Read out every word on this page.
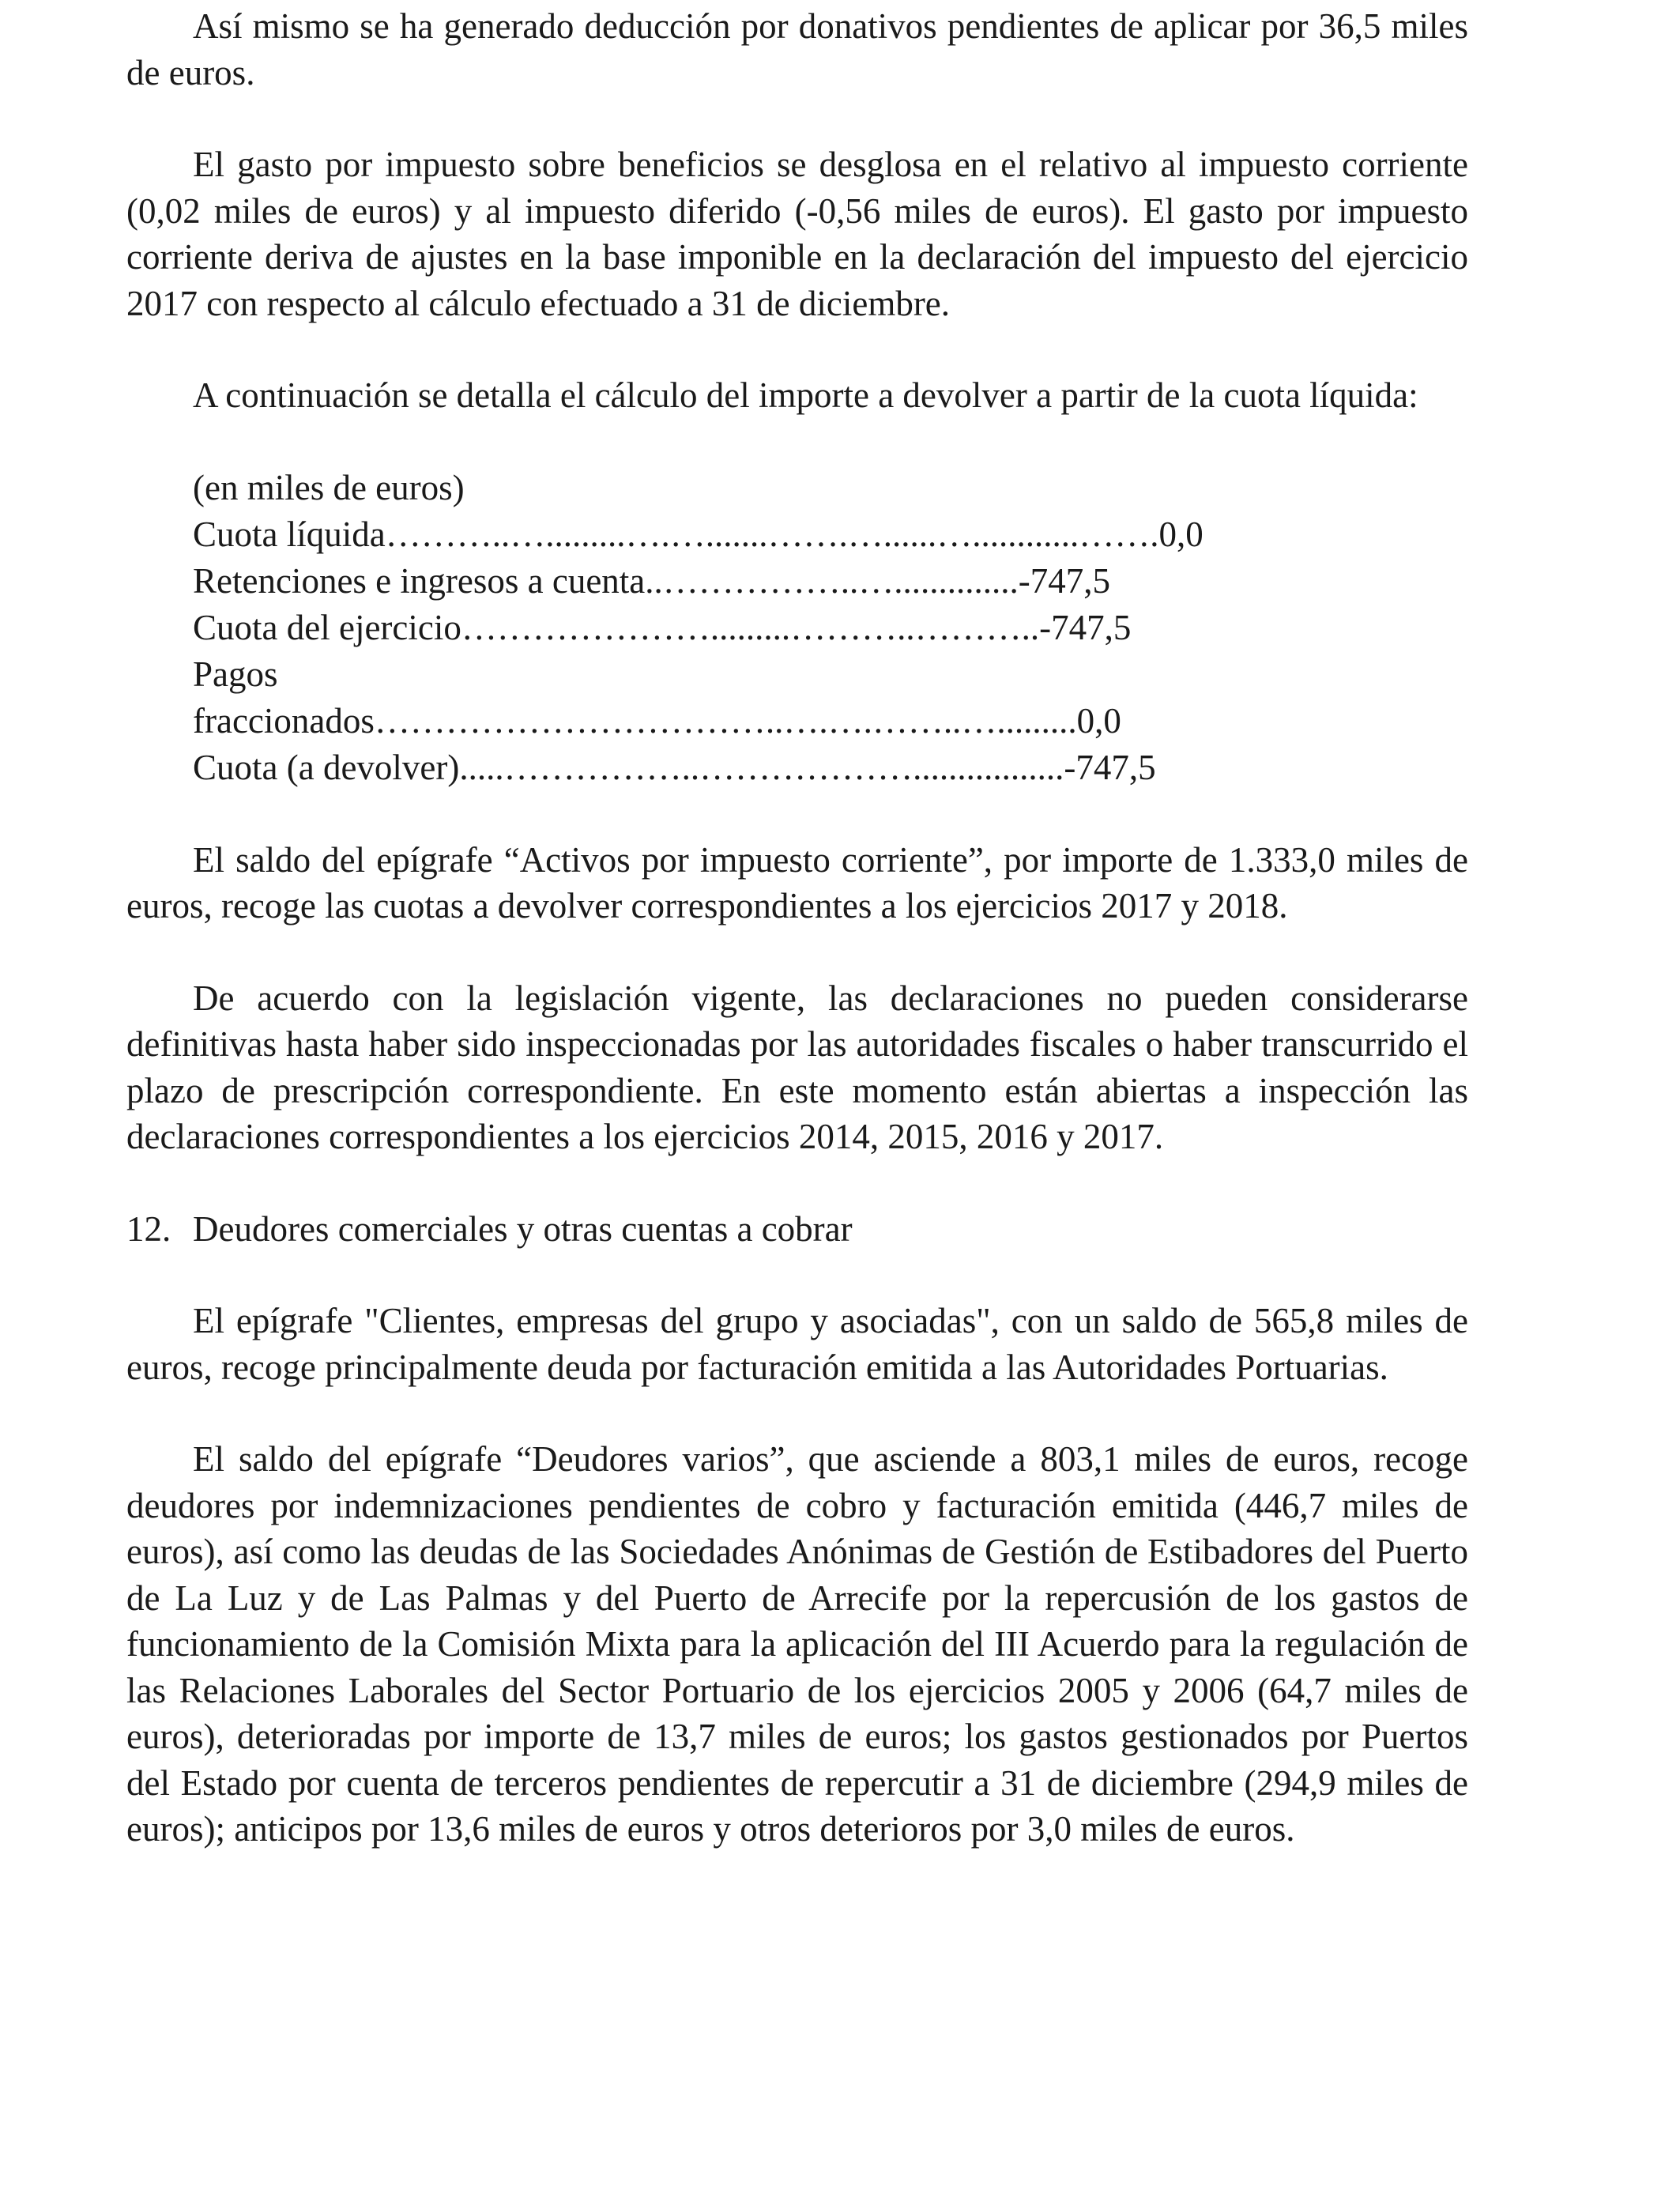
Así mismo se ha generado deducción por donativos pendientes de aplicar por 36,5 miles de euros.

El gasto por impuesto sobre beneficios se desglosa en el relativo al impuesto corriente (0,02 miles de euros) y al impuesto diferido (-0,56 miles de euros). El gasto por impuesto corriente deriva de ajustes en la base imponible en la declaración del impuesto del ejercicio 2017 con respecto al cálculo efectuado a 31 de diciembre.

A continuación se detalla el cálculo del importe a devolver a partir de la cuota líquida:

(en miles de euros)
Cuota líquida………..….........….….......…….…......…............…….0,0
Retenciones e ingresos a cuenta..……………..…..............-747,5
Cuota del ejercicio………………….........………..………..-747,5
Pagos
fraccionados……………………………..….….……..….........0,0
Cuota (a devolver).....……………..……………….................-747,5

El saldo del epígrafe “Activos por impuesto corriente”, por importe de 1.333,0 miles de euros, recoge las cuotas a devolver correspondientes a los ejercicios 2017 y 2018.

De acuerdo con la legislación vigente, las declaraciones no pueden considerarse definitivas hasta haber sido inspeccionadas por las autoridades fiscales o haber transcurrido el plazo de prescripción correspondiente. En este momento están abiertas a inspección las declaraciones correspondientes a los ejercicios 2014, 2015, 2016 y 2017.

12. Deudores comerciales y otras cuentas a cobrar

El epígrafe "Clientes, empresas del grupo y asociadas", con un saldo de 565,8 miles de euros, recoge principalmente deuda por facturación emitida a las Autoridades Portuarias.

El saldo del epígrafe “Deudores varios”, que asciende a 803,1 miles de euros, recoge deudores por indemnizaciones pendientes de cobro y facturación emitida (446,7 miles de euros), así como las deudas de las Sociedades Anónimas de Gestión de Estibadores del Puerto de La Luz y de Las Palmas y del Puerto de Arrecife por la repercusión de los gastos de funcionamiento de la Comisión Mixta para la aplicación del III Acuerdo para la regulación de las Relaciones Laborales del Sector Portuario de los ejercicios 2005 y 2006 (64,7 miles de euros), deterioradas por importe de 13,7 miles de euros; los gastos gestionados por Puertos del Estado por cuenta de terceros pendientes de repercutir a 31 de diciembre (294,9 miles de euros); anticipos por 13,6 miles de euros y otros deterioros por 3,0 miles de euros.
